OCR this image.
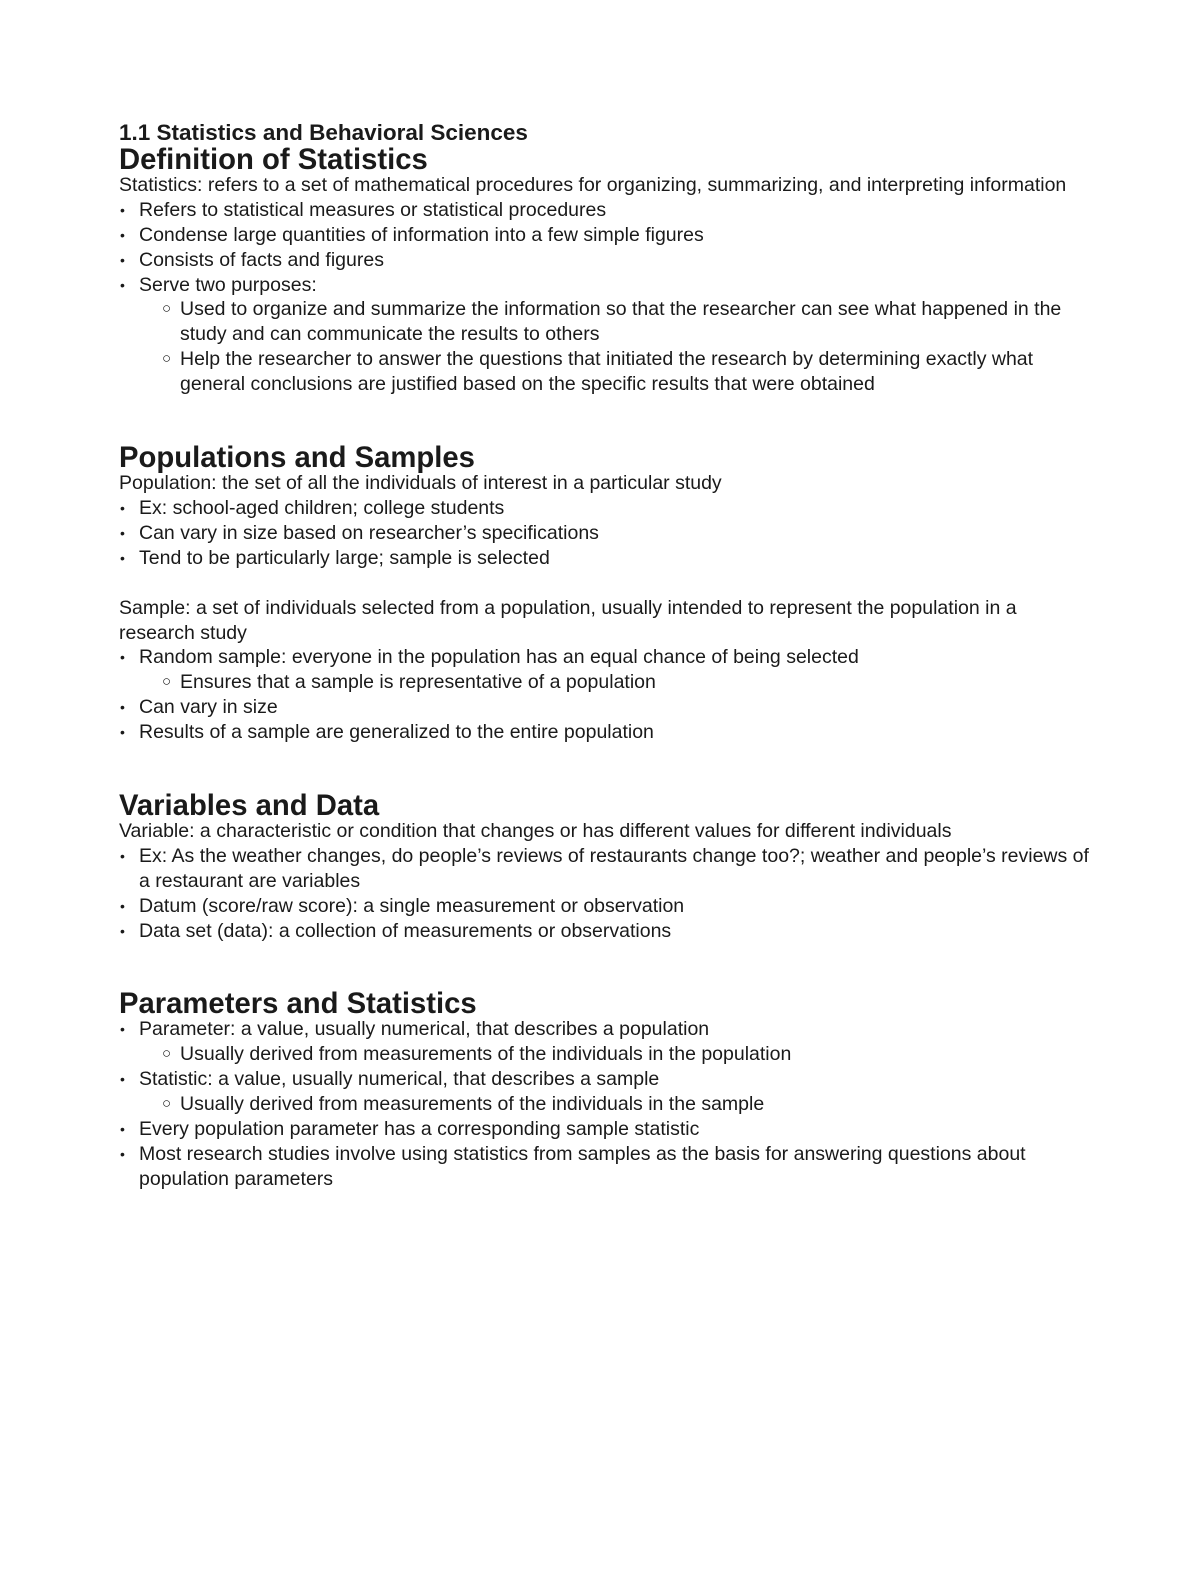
1.1 Statistics and Behavioral Sciences
Definition of Statistics

Statistics: refers to a set of mathematical procedures for organizing, summarizing, and interpreting information

• Refers to statistical measures or statistical procedures
• Condense large quantities of information into a few simple figures
• Consists of facts and figures
• Serve two purposes:
○ Used to organize and summarize the information so that the researcher can see what happened in the study and can communicate the results to others
○ Help the researcher to answer the questions that initiated the research by determining exactly what general conclusions are justified based on the specific results that were obtained
Populations and Samples

Population: the set of all the individuals of interest in a particular study

• Ex: school-aged children; college students
• Can vary in size based on researcher’s specifications
• Tend to be particularly large; sample is selected

Sample: a set of individuals selected from a population, usually intended to represent the population in a research study

• Random sample: everyone in the population has an equal chance of being selected
○ Ensures that a sample is representative of a population
• Can vary in size
• Results of a sample are generalized to the entire population
Variables and Data

Variable: a characteristic or condition that changes or has different values for different individuals

• Ex: As the weather changes, do people’s reviews of restaurants change too?; weather and people’s reviews of a restaurant are variables
• Datum (score/raw score): a single measurement or observation
• Data set (data): a collection of measurements or observations
Parameters and Statistics
• Parameter: a value, usually numerical, that describes a population
○ Usually derived from measurements of the individuals in the population
• Statistic: a value, usually numerical, that describes a sample
○ Usually derived from measurements of the individuals in the sample
• Every population parameter has a corresponding sample statistic
• Most research studies involve using statistics from samples as the basis for answering questions about population parameters
